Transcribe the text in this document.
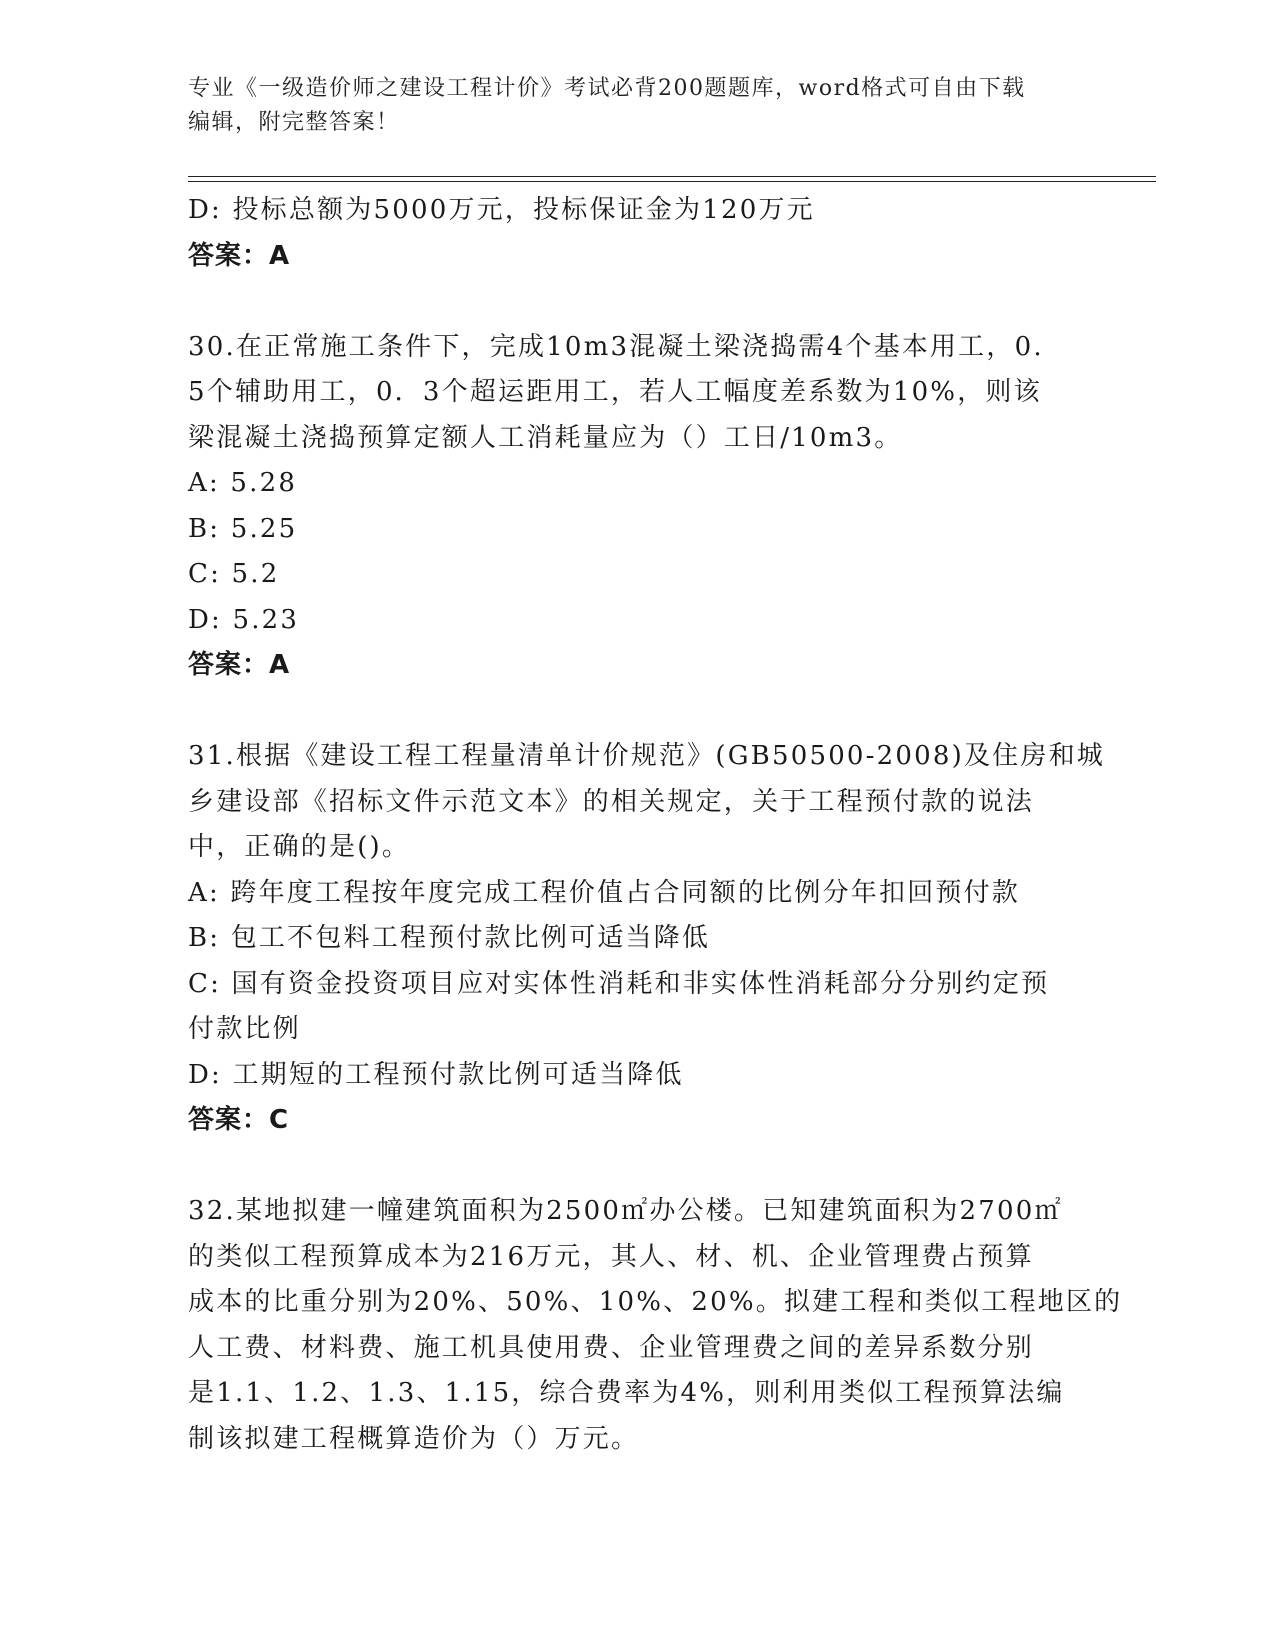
专业《一级造价师之建设工程计价》考试必背200题题库，word格式可自由下载
编辑，附完整答案！
D: 投标总额为5000万元，投标保证金为120万元
答案：A
30.在正常施工条件下，完成10m3混凝土梁浇捣需4个基本用工，0.
5个辅助用工，0．3个超运距用工，若人工幅度差系数为10%，则该
梁混凝土浇捣预算定额人工消耗量应为（）工日/10m3。
A: 5.28
B: 5.25
C: 5.2
D: 5.23
答案：A
31.根据《建设工程工程量清单计价规范》(GB50500-2008)及住房和城
乡建设部《招标文件示范文本》的相关规定，关于工程预付款的说法
中，正确的是()。
A: 跨年度工程按年度完成工程价值占合同额的比例分年扣回预付款
B: 包工不包料工程预付款比例可适当降低
C: 国有资金投资项目应对实体性消耗和非实体性消耗部分分别约定预
付款比例
D: 工期短的工程预付款比例可适当降低
答案：C
32.某地拟建一幢建筑面积为2500㎡办公楼。已知建筑面积为2700㎡
的类似工程预算成本为216万元，其人、材、机、企业管理费占预算
成本的比重分别为20%、50%、10%、20%。拟建工程和类似工程地区的
人工费、材料费、施工机具使用费、企业管理费之间的差异系数分别
是1.1、1.2、1.3、1.15，综合费率为4%，则利用类似工程预算法编
制该拟建工程概算造价为（）万元。
